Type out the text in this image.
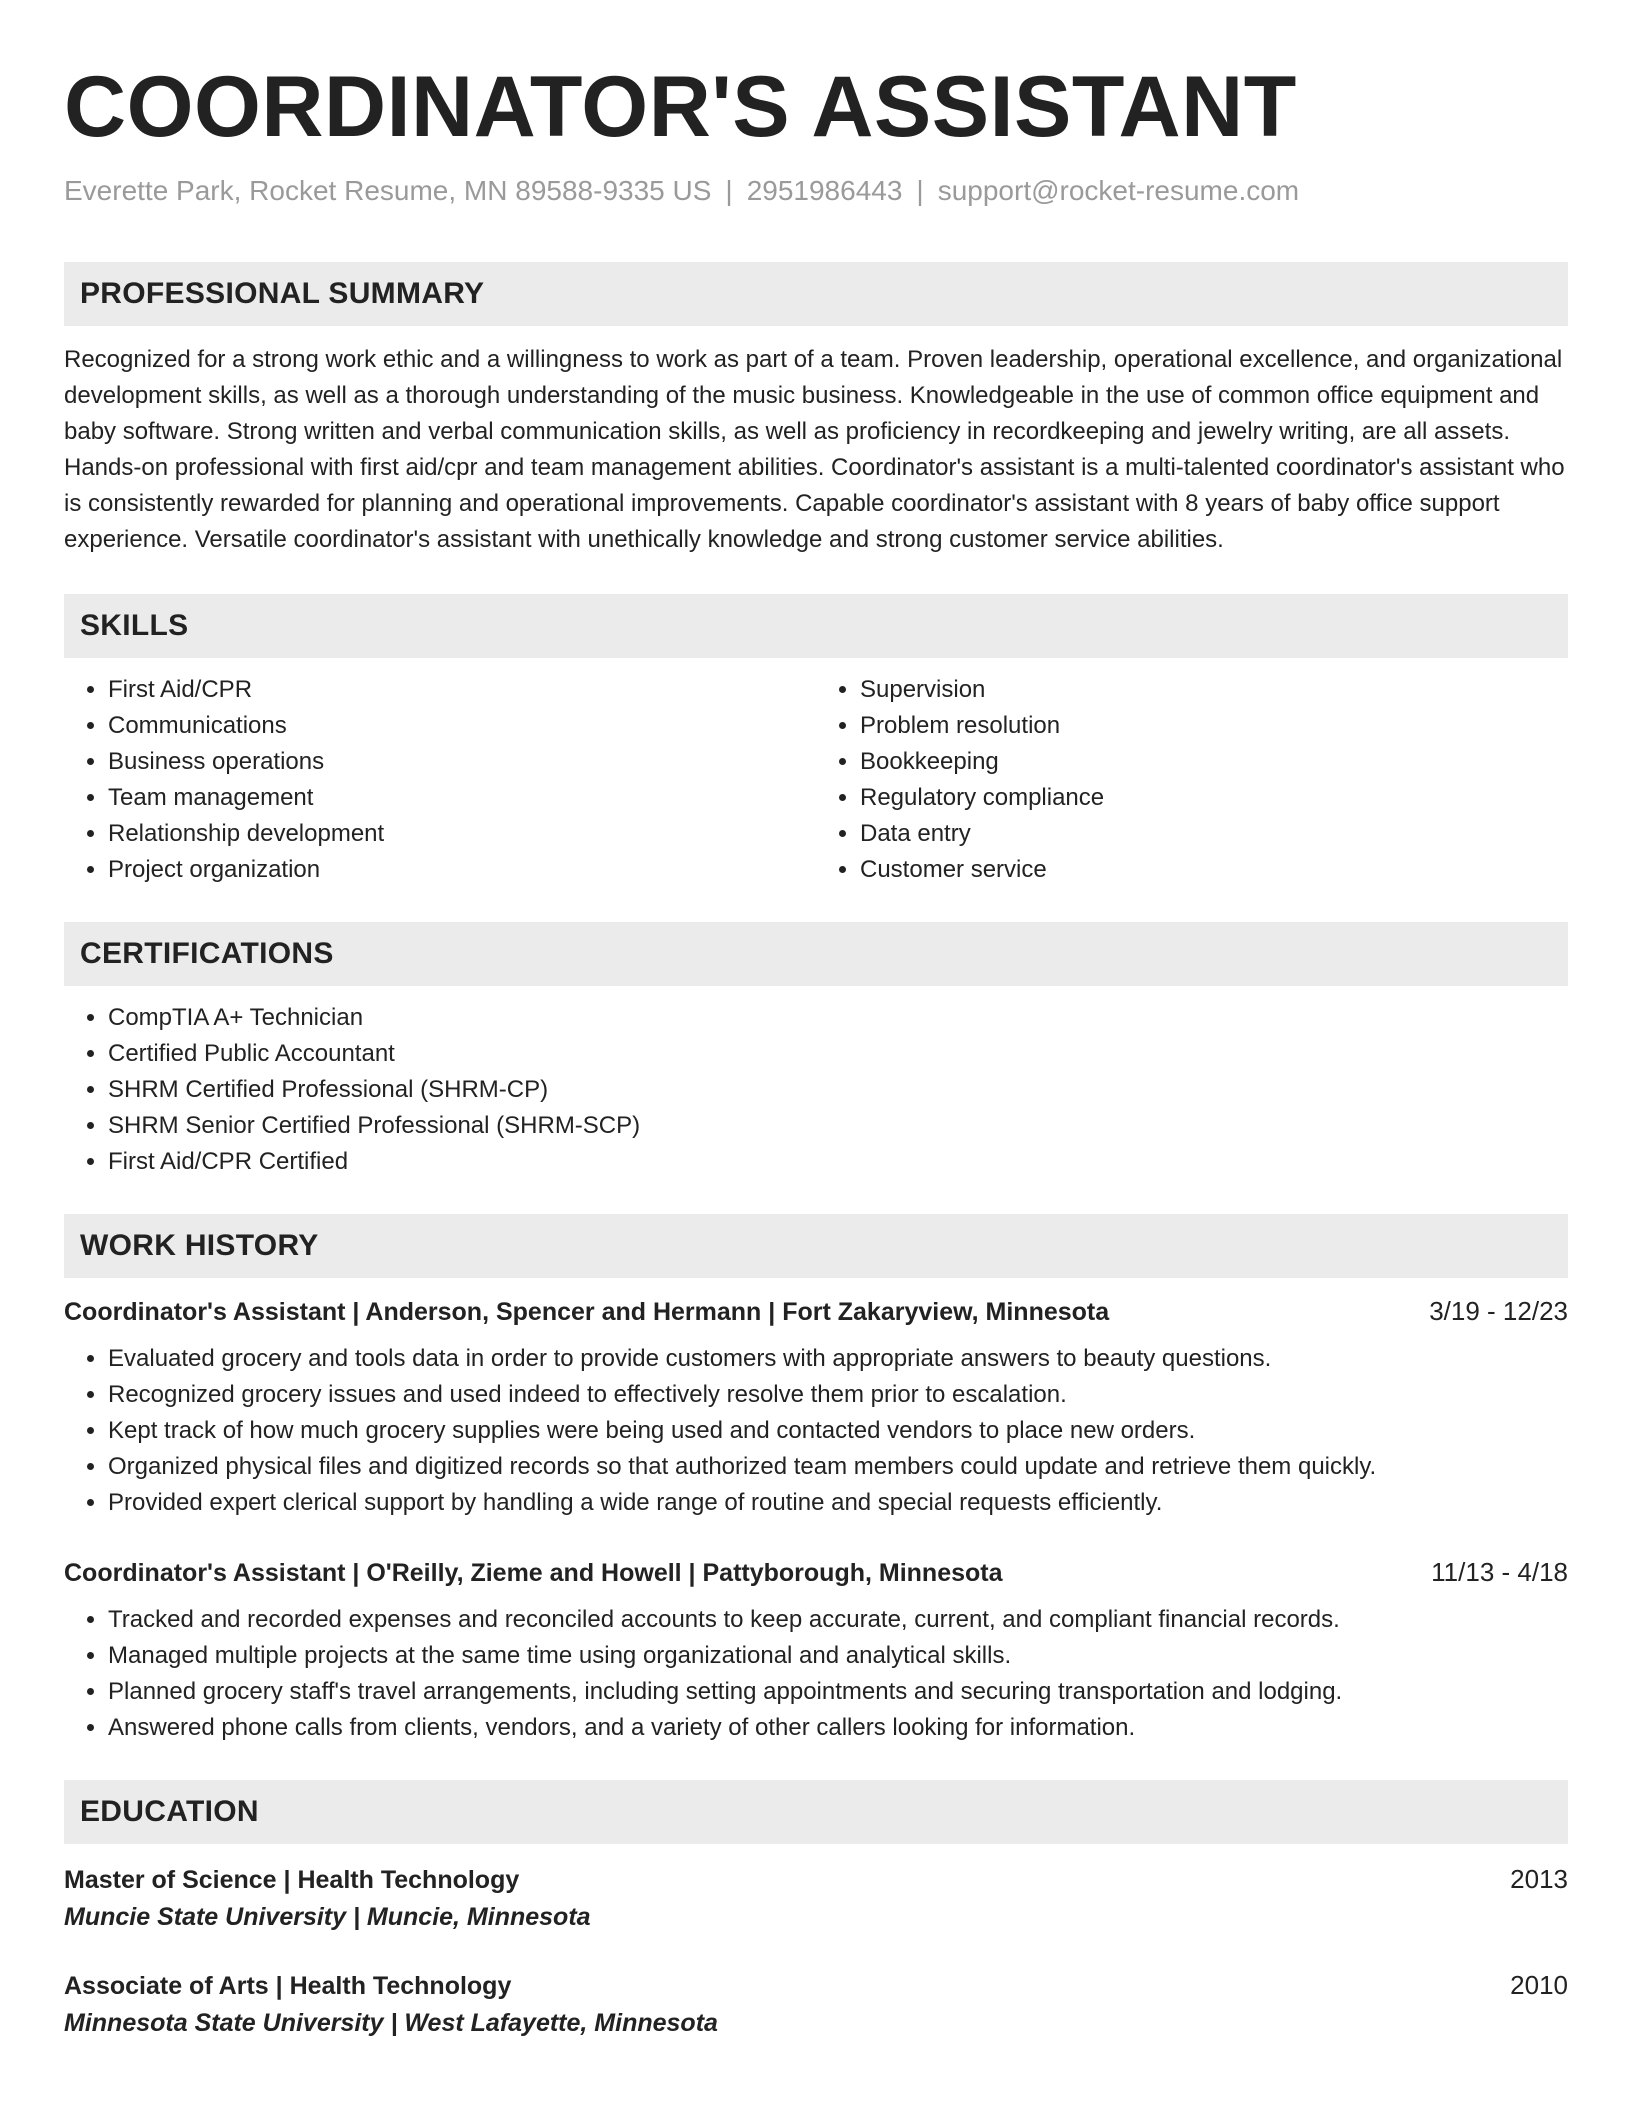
COORDINATOR'S ASSISTANT
Everette Park, Rocket Resume, MN 89588-9335 US | 2951986443 | support@rocket-resume.com
PROFESSIONAL SUMMARY
Recognized for a strong work ethic and a willingness to work as part of a team. Proven leadership, operational excellence, and organizational development skills, as well as a thorough understanding of the music business. Knowledgeable in the use of common office equipment and baby software. Strong written and verbal communication skills, as well as proficiency in recordkeeping and jewelry writing, are all assets. Hands-on professional with first aid/cpr and team management abilities. Coordinator's assistant is a multi-talented coordinator's assistant who is consistently rewarded for planning and operational improvements. Capable coordinator's assistant with 8 years of baby office support experience. Versatile coordinator's assistant with unethically knowledge and strong customer service abilities.
SKILLS
• First Aid/CPR
• Communications
• Business operations
• Team management
• Relationship development
• Project organization
• Supervision
• Problem resolution
• Bookkeeping
• Regulatory compliance
• Data entry
• Customer service
CERTIFICATIONS
• CompTIA A+ Technician
• Certified Public Accountant
• SHRM Certified Professional (SHRM-CP)
• SHRM Senior Certified Professional (SHRM-SCP)
• First Aid/CPR Certified
WORK HISTORY
Coordinator's Assistant | Anderson, Spencer and Hermann | Fort Zakaryview, Minnesota	3/19 - 12/23
• Evaluated grocery and tools data in order to provide customers with appropriate answers to beauty questions.
• Recognized grocery issues and used indeed to effectively resolve them prior to escalation.
• Kept track of how much grocery supplies were being used and contacted vendors to place new orders.
• Organized physical files and digitized records so that authorized team members could update and retrieve them quickly.
• Provided expert clerical support by handling a wide range of routine and special requests efficiently.
Coordinator's Assistant | O'Reilly, Zieme and Howell | Pattyborough, Minnesota	11/13 - 4/18
• Tracked and recorded expenses and reconciled accounts to keep accurate, current, and compliant financial records.
• Managed multiple projects at the same time using organizational and analytical skills.
• Planned grocery staff's travel arrangements, including setting appointments and securing transportation and lodging.
• Answered phone calls from clients, vendors, and a variety of other callers looking for information.
EDUCATION
Master of Science | Health Technology	2013
Muncie State University | Muncie, Minnesota
Associate of Arts | Health Technology	2010
Minnesota State University | West Lafayette, Minnesota
